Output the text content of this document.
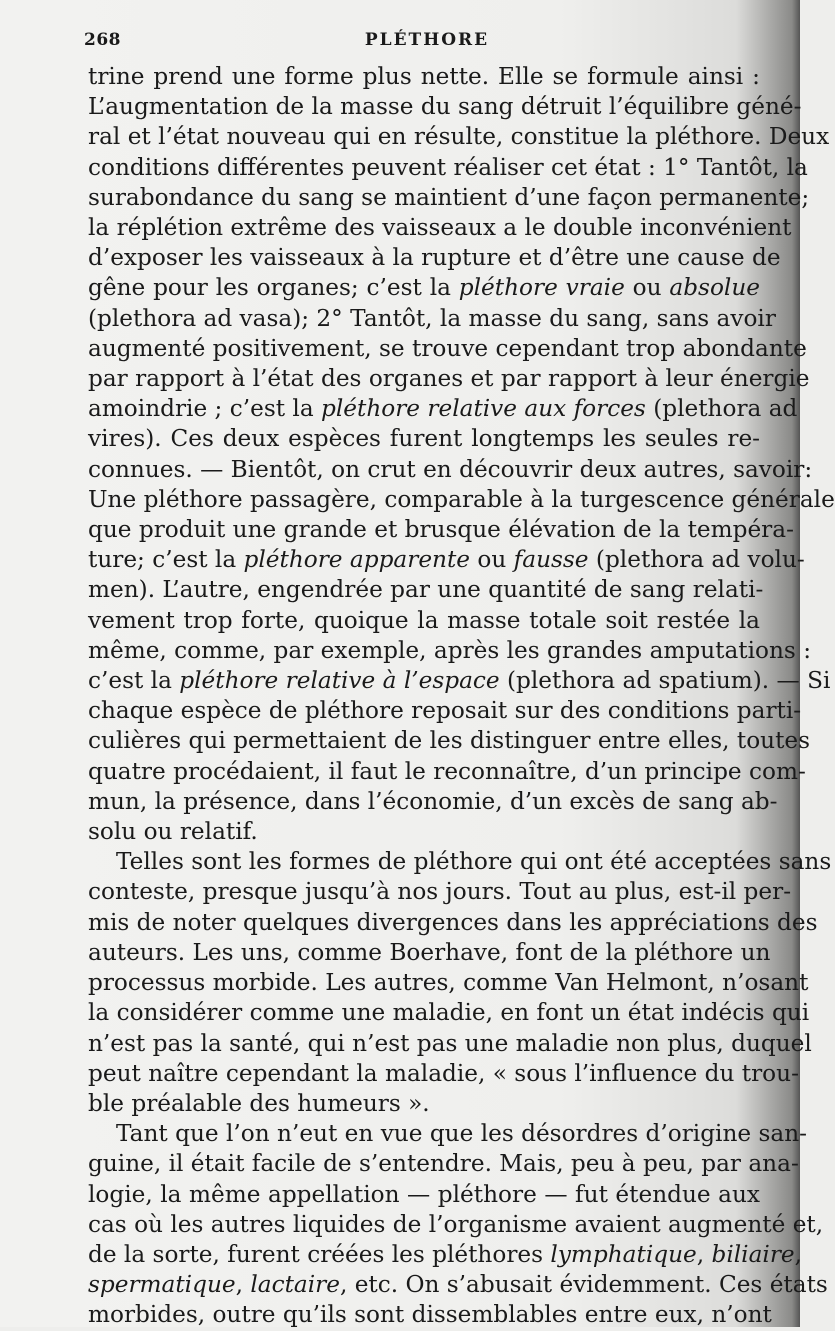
268	PLÉTHORE
trine prend une forme plus nette. Elle se formule ainsi :
L’augmentation de la masse du sang détruit l’équilibre géné-
ral et l’état nouveau qui en résulte, constitue la pléthore. Deux
conditions différentes peuvent réaliser cet état : 1° Tantôt, la
surabondance du sang se maintient d’une façon permanente;
la réplétion extrême des vaisseaux a le double inconvénient
d’exposer les vaisseaux à la rupture et d’être une cause de
gêne pour les organes; c’est la pléthore vraie ou absolue
(plethora ad vasa); 2° Tantôt, la masse du sang, sans avoir
augmenté positivement, se trouve cependant trop abondante
par rapport à l’état des organes et par rapport à leur énergie
amoindrie ; c’est la pléthore relative aux forces (plethora ad
vires). Ces deux espèces furent longtemps les seules re-
connues. — Bientôt, on crut en découvrir deux autres, savoir:
Une pléthore passagère, comparable à la turgescence générale
que produit une grande et brusque élévation de la tempéra-
ture; c’est la pléthore apparente ou fausse (plethora ad volu-
men). L’autre, engendrée par une quantité de sang relati-
vement trop forte, quoique la masse totale soit restée la
même, comme, par exemple, après les grandes amputations :
c’est la pléthore relative à l’espace (plethora ad spatium). — Si
chaque espèce de pléthore reposait sur des conditions parti-
culières qui permettaient de les distinguer entre elles, toutes
quatre procédaient, il faut le reconnaître, d’un principe com-
mun, la présence, dans l’économie, d’un excès de sang ab-
solu ou relatif.
Telles sont les formes de pléthore qui ont été acceptées sans
conteste, presque jusqu’à nos jours. Tout au plus, est-il per-
mis de noter quelques divergences dans les appréciations des
auteurs. Les uns, comme Boerhave, font de la pléthore un
processus morbide. Les autres, comme Van Helmont, n’osant
la considérer comme une maladie, en font un état indécis qui
n’est pas la santé, qui n’est pas une maladie non plus, duquel
peut naître cependant la maladie, « sous l’influence du trou-
ble préalable des humeurs ».
Tant que l’on n’eut en vue que les désordres d’origine san-
guine, il était facile de s’entendre. Mais, peu à peu, par ana-
logie, la même appellation — pléthore — fut étendue aux
cas où les autres liquides de l’organisme avaient augmenté et,
de la sorte, furent créées les pléthores lymphatique, biliaire,
spermatique, lactaire, etc. On s’abusait évidemment. Ces états
morbides, outre qu’ils sont dissemblables entre eux, n’ont
